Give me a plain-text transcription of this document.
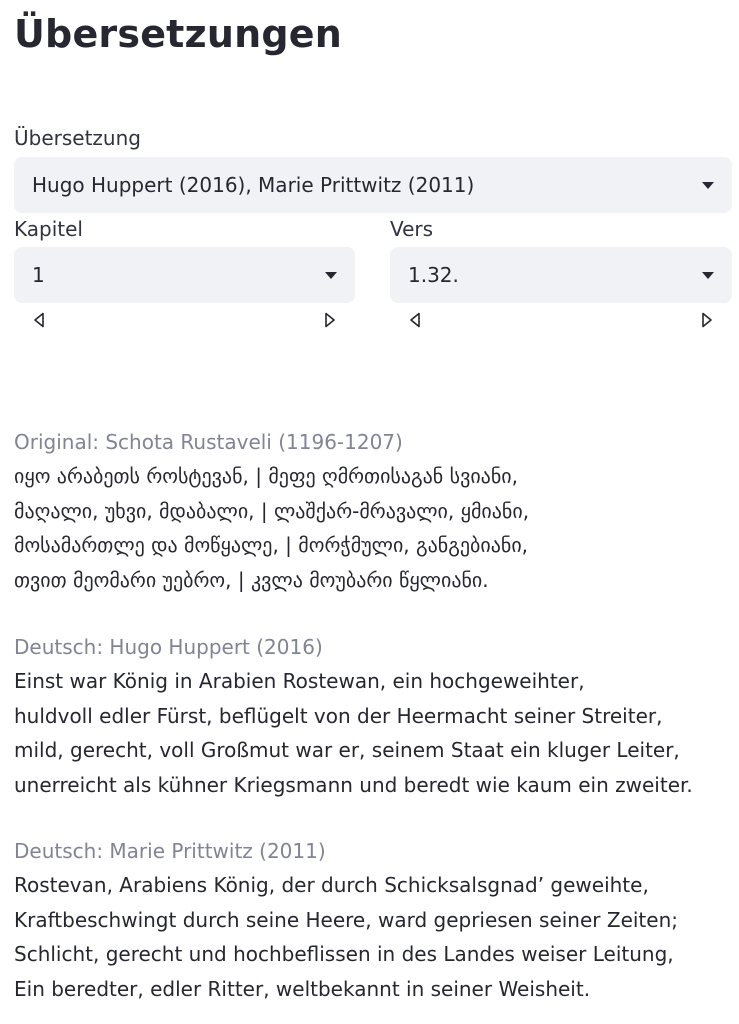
Übersetzungen
Übersetzung
Hugo Huppert (2016), Marie Prittwitz (2011)
Kapitel
1
Vers
1.32.
Original: Schota Rustaveli (1196-1207)
იყო არაბეთს როსტევან, | მეფე ღმრთისაგან სვიანი,
მაღალი, უხვი, მდაბალი, | ლაშქარ-მრავალი, ყმიანი,
მოსამართლე და მოწყალე, | მორჭმული, განგებიანი,
თვით მეომარი უებრო, | კვლა მოუბარი წყლიანი.
Deutsch: Hugo Huppert (2016)
Einst war König in Arabien Rostewan, ein hochgeweihter,
huldvoll edler Fürst, beflügelt von der Heermacht seiner Streiter,
mild, gerecht, voll Großmut war er, seinem Staat ein kluger Leiter,
unerreicht als kühner Kriegsmann und beredt wie kaum ein zweiter.
Deutsch: Marie Prittwitz (2011)
Rostevan, Arabiens König, der durch Schicksalsgnad’ geweihte,
Kraftbeschwingt durch seine Heere, ward gepriesen seiner Zeiten;
Schlicht, gerecht und hochbeflissen in des Landes weiser Leitung,
Ein beredter, edler Ritter, weltbekannt in seiner Weisheit.
